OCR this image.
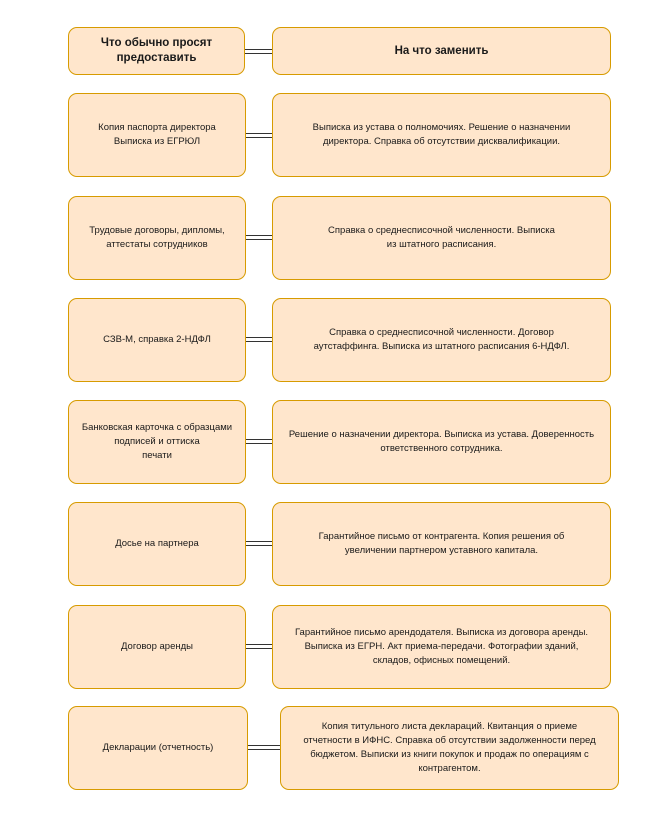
Что обычно просят
предоставить
На что заменить
Копия паспорта директора
Выписка из ЕГРЮЛ
Выписка из устава о полномочиях. Решение о назначении
директора. Справка об отсутствии дисквалификации.
Трудовые договоры, дипломы,
аттестаты сотрудников
Справка о среднесписочной численности. Выписка
из штатного расписания.
СЗВ-М, справка 2-НДФЛ
Справка о среднесписочной численности. Договор
аутстаффинга. Выписка из штатного расписания 6-НДФЛ.
Банковская карточка с образцами
подписей и оттиска
печати
Решение о назначении директора. Выписка из устава. Доверенность
ответственного сотрудника.
Досье на партнера
Гарантийное письмо от контрагента. Копия решения об
увеличении партнером уставного капитала.
Договор аренды
Гарантийное письмо арендодателя. Выписка из договора аренды.
Выписка из ЕГРН. Акт приема-передачи. Фотографии зданий,
складов, офисных помещений.
Декларации (отчетность)
Копия титульного листа деклараций. Квитанция о приеме
отчетности в ИФНС. Справка об отсутствии задолженности перед
бюджетом. Выписки из книги покупок и продаж по операциям с
контрагентом.
